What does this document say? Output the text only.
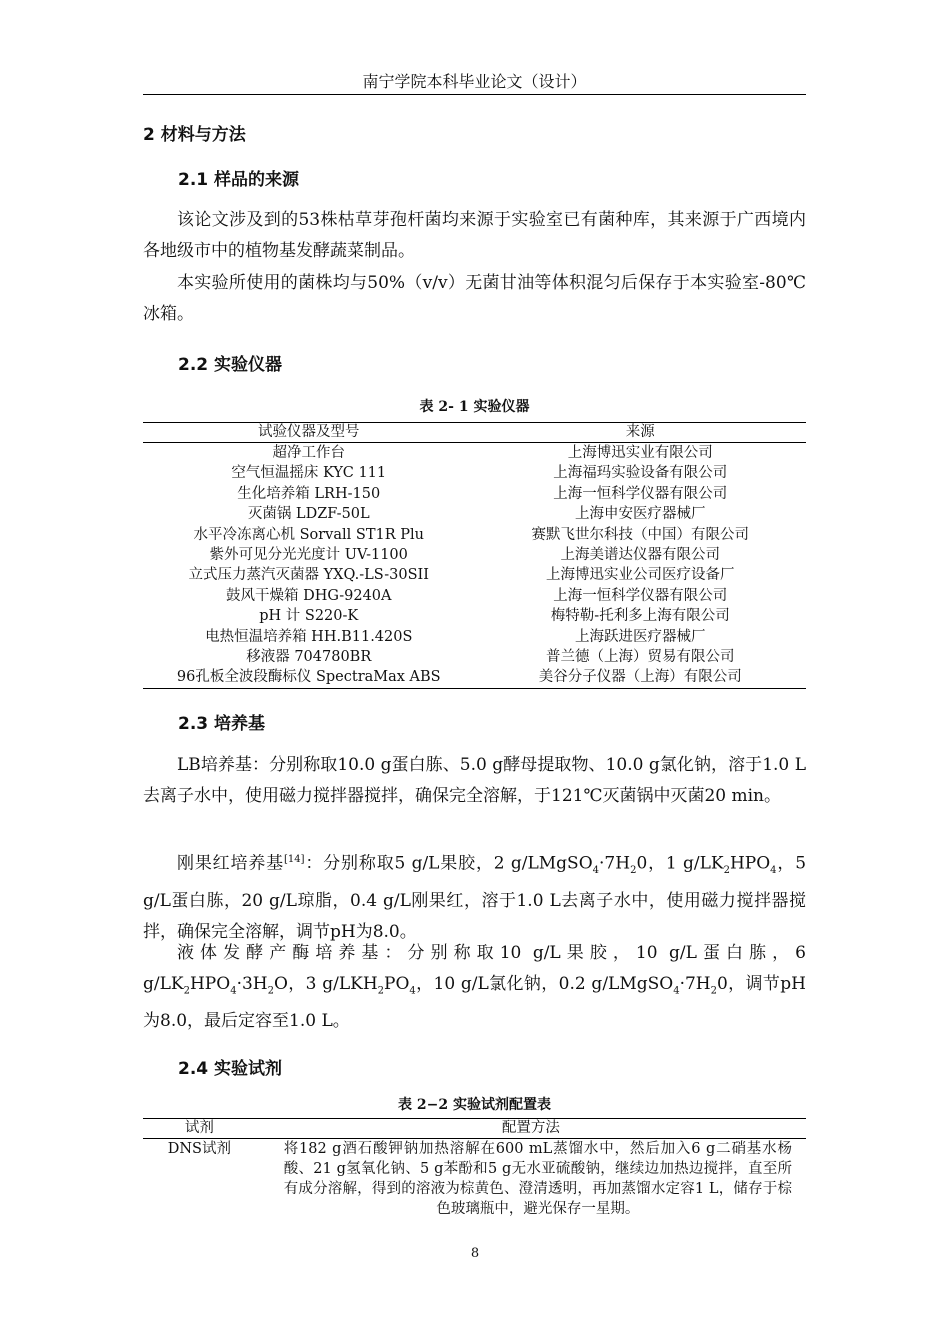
南宁学院本科毕业论文（设计）
2 材料与方法
2.1 样品的来源
该论文涉及到的53株枯草芽孢杆菌均来源于实验室已有菌种库，其来源于广西境内各地级市中的植物基发酵蔬菜制品。
本实验所使用的菌株均与50%（v/v）无菌甘油等体积混匀后保存于本实验室-80℃冰箱。
2.2 实验仪器
表 2- 1 实验仪器
试验仪器及型号	来源
超净工作台	上海博迅实业有限公司
空气恒温摇床 KYC 111	上海福玛实验设备有限公司
生化培养箱 LRH-150	上海一恒科学仪器有限公司
灭菌锅 LDZF-50L	上海申安医疗器械厂
水平冷冻离心机 Sorvall ST1R Plu	赛默飞世尔科技（中国）有限公司
紫外可见分光光度计 UV-1100	上海美谱达仪器有限公司
立式压力蒸汽灭菌器 YXQ.-LS-30SII	上海博迅实业公司医疗设备厂
鼓风干燥箱 DHG-9240A	上海一恒科学仪器有限公司
pH 计 S220-K	梅特勒-托利多上海有限公司
电热恒温培养箱 HH.B11.420S	上海跃进医疗器械厂
移液器 704780BR	普兰德（上海）贸易有限公司
96孔板全波段酶标仪 SpectraMax ABS	美谷分子仪器（上海）有限公司
2.3 培养基
LB培养基：分别称取10.0 g蛋白胨、5.0 g酵母提取物、10.0 g氯化钠，溶于1.0 L去离子水中，使用磁力搅拌器搅拌，确保完全溶解，于121℃灭菌锅中灭菌20 min。
刚果红培养基[14]：分别称取5 g/L果胶，2 $g/LMgSO_4\cdot 7H_20$，1 $g/LK_2HPO_4$，5 g/L蛋白胨，20 g/L琼脂，0.4 g/L刚果红，溶于1.0 L去离子水中，使用磁力搅拌器搅拌，确保完全溶解，调节pH为8.0。
液体发酵产酶培养基：分别称取10 g/L果胶，10 g/L蛋白胨，6 $g/LK_2HPO_4\cdot 3H_2O$，3 $g/LKH_2PO_4$，10 g/L氯化钠，0.2 $g/LMgSO_4\cdot 7H_20$，调节pH为8.0，最后定容至1.0 L。
2.4 实验试剂
表 2−2 实验试剂配置表
试剂	配置方法
DNS试剂	将182 g酒石酸钾钠加热溶解在600 mL蒸馏水中，然后加入6 g二硝基水杨酸、21 g氢氧化钠、5 g苯酚和5 g无水亚硫酸钠，继续边加热边搅拌，直至所有成分溶解，得到的溶液为棕黄色、澄清透明，再加蒸馏水定容1 L，储存于棕色玻璃瓶中，避光保存一星期。
8
